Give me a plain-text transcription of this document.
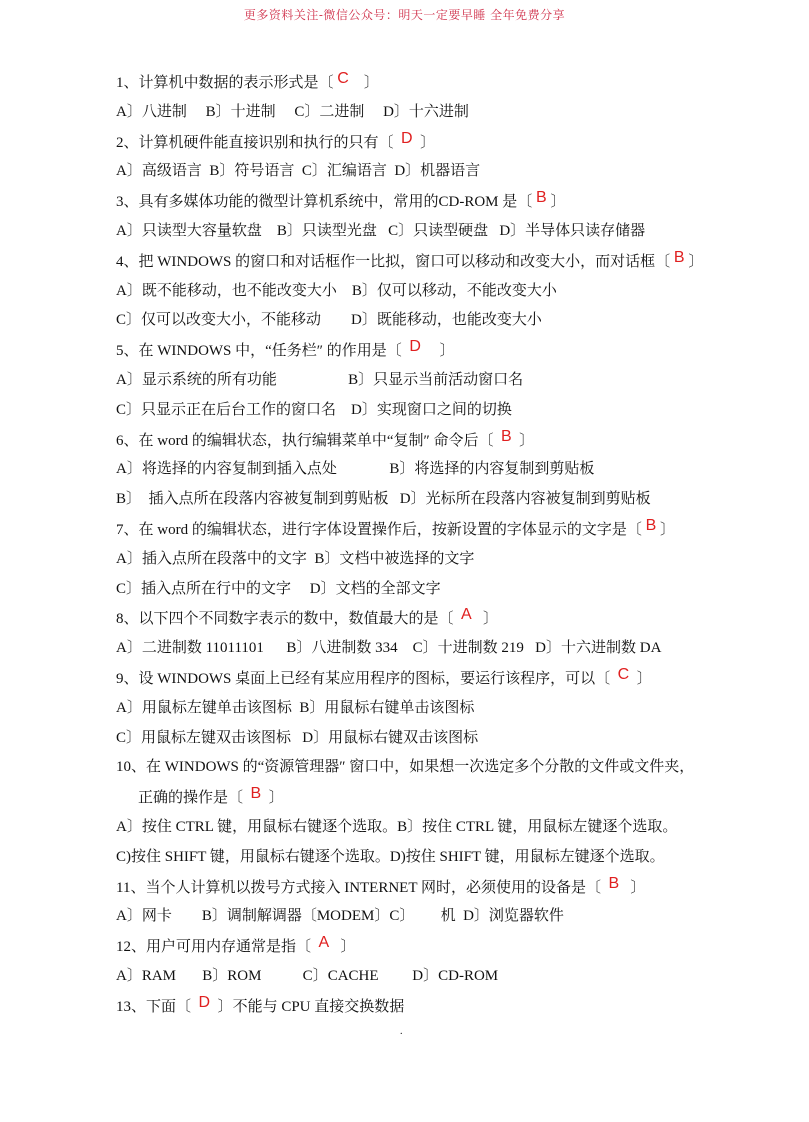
更多资料关注-微信公众号：明天一定要早睡 全年免费分享
1、计算机中数据的表示形式是〔 C    〕
A〕八进制     B〕十进制     C〕二进制     D〕十六进制
2、计算机硬件能直接识别和执行的只有〔  D  〕
A〕高级语言  B〕符号语言  C〕汇编语言  D〕机器语言
3、具有多媒体功能的微型计算机系统中，常用的CD-ROM 是〔 B 〕
A〕只读型大容量软盘    B〕只读型光盘   C〕只读型硬盘   D〕半导体只读存储器
4、把 WINDOWS 的窗口和对话框作一比拟，窗口可以移动和改变大小，而对话框〔 B 〕
A〕既不能移动，也不能改变大小    B〕仅可以移动，不能改变大小
C〕仅可以改变大小，不能移动        D〕既能移动，也能改变大小
5、在 WINDOWS 中，“任务栏″ 的作用是〔  D     〕
A〕显示系统的所有功能                   B〕只显示当前活动窗口名
C〕只显示正在后台工作的窗口名    D〕实现窗口之间的切换
6、在 word 的编辑状态，执行编辑菜单中“复制″ 命令后〔  B  〕
A〕将选择的内容复制到插入点处              B〕将选择的内容复制到剪贴板
B〕  插入点所在段落内容被复制到剪贴板   D〕光标所在段落内容被复制到剪贴板
7、在 word 的编辑状态，进行字体设置操作后，按新设置的字体显示的文字是〔 B 〕
A〕插入点所在段落中的文字  B〕文档中被选择的文字
C〕插入点所在行中的文字     D〕文档的全部文字
8、以下四个不同数字表示的数中，数值最大的是〔  A   〕
A〕二进制数 11011101      B〕八进制数 334    C〕十进制数 219   D〕十六进制数 DA
9、设 WINDOWS 桌面上已经有某应用程序的图标，要运行该程序，可以〔  C  〕
A〕用鼠标左键单击该图标  B〕用鼠标右键单击该图标
C〕用鼠标左键双击该图标   D〕用鼠标右键双击该图标
10、在 WINDOWS 的“资源管理器″ 窗口中，如果想一次选定多个分散的文件或文件夹，
正确的操作是〔  B  〕
A〕按住 CTRL 键，用鼠标右键逐个选取。B〕按住 CTRL 键，用鼠标左键逐个选取。
C)按住 SHIFT 键，用鼠标右键逐个选取。D)按住 SHIFT 键，用鼠标左键逐个选取。
11、当个人计算机以拨号方式接入 INTERNET 网时，必须使用的设备是〔  B   〕
A〕网卡        B〕调制解调器〔MODEM〕C〕       机  D〕浏览器软件
12、用户可用内存通常是指〔  A   〕
A〕RAM       B〕ROM           C〕CACHE         D〕CD-ROM
13、下面〔  D  〕不能与 CPU 直接交换数据
.
